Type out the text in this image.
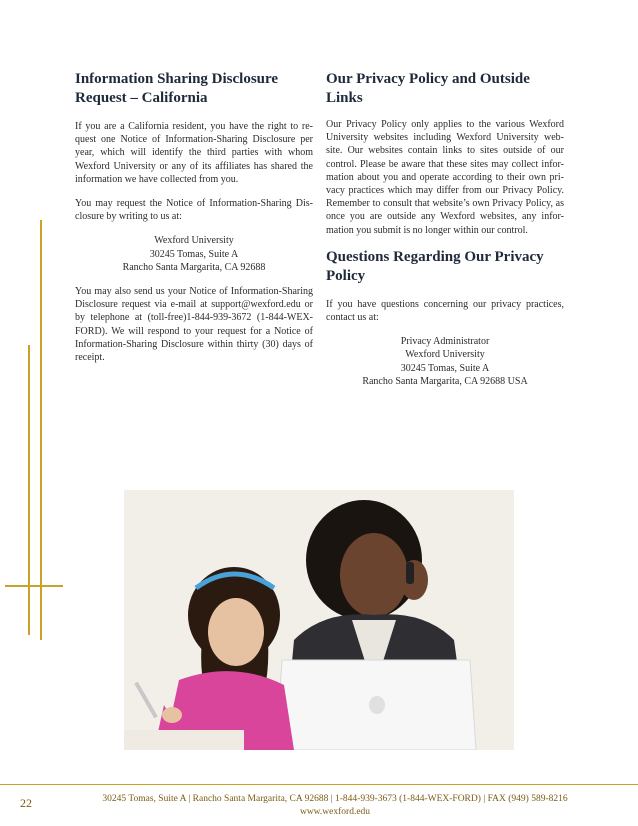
Information Sharing Disclosure Request – California

If you are a California resident, you have the right to re-quest one Notice of Information-Sharing Disclosure per year, which will identify the third parties with whom Wexford University or any of its affiliates has shared the information we have collected from you.

You may request the Notice of Information-Sharing Dis-closure by writing to us at:

Wexford University
30245 Tomas, Suite A
Rancho Santa Margarita, CA 92688

You may also send us your Notice of Information-Sharing Disclosure request via e-mail at support@wexford.edu or by telephone at (toll-free)1-844-939-3672 (1-844-WEX-FORD). We will respond to your request for a Notice of Information-Sharing Disclosure within thirty (30) days of receipt.

Our Privacy Policy and Outside Links

Our Privacy Policy only applies to the various Wexford University websites including Wexford University web-site. Our websites contain links to sites outside of our control. Please be aware that these sites may collect infor-mation about you and operate according to their own pri-vacy practices which may differ from our Privacy Policy. Remember to consult that website’s own Privacy Policy, as once you are outside any Wexford websites, any infor-mation you submit is no longer within our control.

Questions Regarding Our Privacy Policy

If you have questions concerning our privacy practices, contact us at:

Privacy Administrator
Wexford University
30245 Tomas, Suite A
Rancho Santa Margarita, CA 92688 USA
22	30245 Tomas, Suite A | Rancho Santa Margarita, CA 92688 | 1-844-939-3673 (1-844-WEX-FORD) | FAX (949) 589-8216
www.wexford.edu
